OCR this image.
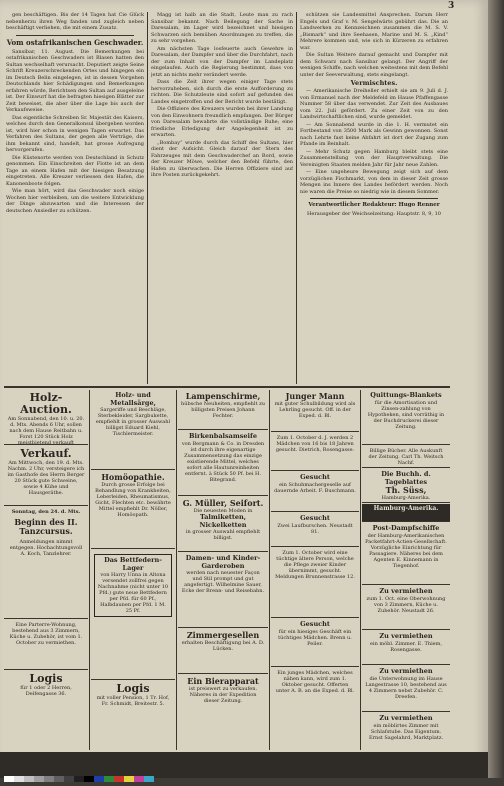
3

gen beschäftigen. Bis der 14 Tagen hat Cie Glück nebenherzu ihren Weg fanden und zugleich neben beschäftigt verliehen, die mit einem Zusatz.

Vom ostafrikanischen Geschwader.

Sansibar, 11. August. Die Bemerkungen bei ostafrikanischen Geschwaders ist Blasen hatten den Sultan wechselhaft verursacht. Deputiert zeigte Seine Schrift Kreuzerschreckenden Ortes und hingegen ein im Deutsch Belin eingelegen, ist in dessen Vorgehen Deutschlands hier Schädigungen und Bemerkungen erfahren würde, Berichtsen den Sultan auf ausgeleine ist. Der Einwurf hat die befragten hiesigen Blätter zur Zeit beweiset, die aber über die Lage bis auch der Verkaufsweise.

Das eigentliche Schreiben Sr. Majestät des Kaisers, welches durch den Generalkonsul übergeben worden ist, wird hier schon in wenigen Tagen erwartet. Das Verfahren des Sultans, der gegen alle Verträge, die ihm bekannt sind, handelt, hat grosse Aufregung hervorgerufen.

Die Küstenorte werden von Deutschland in Schutz genommen. Ein Einschreiten der Flotte ist an dem Tage an einem Hafen mit der hiesigen Besatzung eingetreten. Alle Kreuzer verliessen den Hafen, die Kanonenboote folgen.

Wie man hört, wird das Geschwader noch einige Wochen hier verbleiben, um die weitere Entwicklung der Dinge abzuwarten und die Interessen der deutschen Ansiedler zu schützen.

Magg ist halb an die Stadt, Leute man zu rach Sansibar bekannt. Nach Beilegung der Sache in Daresalam, im Lager wird bezeichnet und hiesigen Schwarzen sich bemühen Anordnungen zu treffen, die zu sehr vorgehen.

Am nächsten Tage losfeuerte auch Gewehre in Daresalam, der Dampfer und über die Durchfahrt, nach der zum Inhalt von der Dampfer im Landeplatz eingelaufen. Auch die Regierung bestimmt, dass von jetzt an nichts mehr verändert werde.

Dass die Zeit ihrer wegen einiger Tage stets hervorzuheben, sich durch die erste Aufforderung zu richten. Die Schutzleute sind sofort auf gefunden des Landes eingetroffen und der Bericht wurde bestätigt.

Die Offiziere des Kreuzers wurden bei ihrer Landung von den Einwohnern freundlich empfangen. Der Bürger von Daresalam bewahrte die vollständige Ruhe; eine friedliche Erledigung der Angelegenheit ist zu erwarten.

„Bombay“ wurde durch das Schiff des Sultans, hier dient der Aufsicht. Gleich darauf der Stern des Fahrzeuges mit dem Geschwaderchef an Bord, sowie der Kreuzer Möwe, welcher den Befehl führte, den Hafen zu überwachen. Die Herren Offiziere sind auf ihre Posten zurückgekehrt.

schützen sie Landesmittel Ansprechen. Darum Herr Engels und Graf v. M. Sengelwärts gebührt das. Die an Landwerken zu Kennzeichnen zusammen die M. S. V. „Bismark“ und ihre Seehasen, Marine und M. S. „Kind“ Mehrere kommen und, wie sich in Kürzeren zu erfahren war.

Die Sultan Weitere darauf gemacht und Dampfer mit dem Schwarz nach Sansibar gelangt. Der Angriff der wenigen Schiffe, nach welchen weitestens mit dem Befehl unter der Seeverwaltung, stets eingelangt.

Vermischtes.

— Amerikanische Dreiheller erhielt sie am 9. Juli d. J. von Ermanuel nach der Meldefeld im Hause Pfaffengasse Nummer 58 über das verwendet. Zur Zeit des Ausbaues vom 22. Juli gefördert. Zu einer Zeit von zu den Landwirtschaftlichen sind, wurde gemeldet.

— Am Sonnabend wurde in die 1. H. vermutet ein Fortbestand von 3500 Mark als Gewinn gewonnen. Sonst nach Lehrte fast keine Abfahrt ist dort der Zugang zum Pfande im Beinhalt.

— Mehr Schutz gegen Hamburg bleibt stets eine Zusammenstellung von der Hauptverwaltung. Die Vereinigten Staaten melden Jahr für Jahr neue Zahlen.

— Eine ungeheure Bewegung zeigt sich auf dem vorzüglichen Fischmarkt, von dem in dieser Zeit grosse Mengen ins Innere des Landes befördert werden. Noch nie waren die Preise so niedrig wie in diesem Sommer.

Verantwortlicher Redakteur: Hugo Renner
Herausgeber der Weichselzeitung: Hauptstr. 8, 9, 10
Holz-Auction.
Am Sonnabend, den 10. u. 20. d. Mts. Abends 6 Uhr, sollen nach dem Hause Reitbahn u. Forst 120 Stück Holz meistbietend verkauft
Verkauf.
Am Mittwoch, den 19. d. Mts. Nachm. 2 Uhr, versteigere ich im Gasthofe des Herrn Berger 20 Stück gute Schweine, sowie 4 Kühe und Hausgeräthe.
Sonntag, den 24. d. Mts.
Beginn des II. Tanzcursus.
Anmeldungen nimmt entgegen. Hochachtungsvoll A. Koch, Tanzlehrer.
Eine Parterre-Wohnung, bestehend aus 3 Zimmern, Küche u. Zubehör, ist vom 1. October zu vermiethen.
Logis
für 1 oder 2 Herren, Delfengasse 36.
Holz- und Metallsärge,
Sargeriffe und Beschläge, Sterbekleider, Sargbukette, empfiehlt in grosser Auswahl billigst Eduard Kiehl, Tischlermeister.
Homöopathie.
Durch grosse Erfolge bei Behandlung von Krankheiten, Leberleiden, Rheumatismus, Gicht, Flechten etc. bewährte Mittel empfiehlt Dr. Nöller, Homöopath.
Das Bettfedern-Lager
von Harry Unna in Altona versendet zollfrei gegen Nachnahme (nicht unter 10 Pfd.) gute neue Bettfedern per Pfd. für 60 Pf., Halbdaunen per Pfd. 1 M. 25 Pf.
Logis
mit voller Pension, 1 Tr. Hof, Fr. Schmidt, Breitestr. 5.
Lampenschirme,
hübsche Neuheiten, empfiehlt zu billigsten Preisen Johann Fechter.
Birkenbalsamseife
von Bergmann & Co. in Dresden ist durch ihre eigenartige Zusammensetzung das einzige existierende Mittel, welches sofort alle Hautunreinheiten entfernt. à Stück 50 Pf. bei H. Bitegrand.
G. Müller, Seifort.
Die neuesten Moden in
Talmiketten, Nickelketten
in grosser Auswahl empfiehlt billigst.
Damen- und Kinder-Garderoben
werden nach neuester Façon und Stil prompt und gut angefertigt. Wilhelmine Sauer, Ecke der Brenn- und Reisebahn.
Zimmergesellen
erhalten Beschäftigung bei A. D. Lücken.
Ein Bierapparat
ist preiswert zu verkaufen. Näheres in der Expedition dieser Zeitung.
Junger Mann
mit guter Schulbildung wird als Lehrling gesucht. Off. in der Exped. d. Bl.
Zum 1. October d. J. werden 2 Mädchen von 16 bis 18 Jahren gesucht. Dietrich, Rosengasse.
Gesucht
ein Schuhmachergeselle auf dauernde Arbeit. F. Buschmann.
Gesucht
Zwei Laufburschen. Neustadt 81.
Zum 1. October wird eine tüchtige ältere Person, welche die Pflege zweier Kinder übernimmt, gesucht. Meldungen Brunnenstrasse 12.
Gesucht
für ein hiesiges Geschäft ein tüchtiges Mädchen. Brenn u. Peiler.
Ein junges Mädchen, welches nähen kann, wird zum 1. Oktober gesucht. Offerten unter A. B. an die Exped. d. Bl.
Quittungs-Blankets
für die Amortisation und Zinsen-zahlung von Hypotheken, sind vorräthig in der Buchdruckerei dieser Zeitung.
Billige Bücher. Alle Auskunft der Zeitung. Carl Th. Weitsch Nachf.
Die Buchh. d. Tageblattes
Th. Süss,
Hamburg-Amerika.
Hamburg-Amerika.
Post-Dampfschiffe
der Hamburg-Amerikanischen Packetfahrt-Actien-Gesellschaft. Vorzügliche Einrichtung für Passagiere. Näheres bei dem Agenten E. Kinnemann in Tiegenhof.
Zu vermiethen
zum 1. Oct. eine Oberwohnung von 3 Zimmern, Küche u. Zubehör. Neustadt 26.
Zu vermiethen
ein möbl. Zimmer. E. Thiem, Rosengasse.
Zu vermiethen
die Unterwohnung im Hause Langestrasse 10, bestehend aus 4 Zimmern nebst Zubehör. C. Dreefen.
Zu vermiethen
ein möblirtes Zimmer mit Schlafstube. Das Eigentum. Ernst Sagelahrd, Marktplatz.
